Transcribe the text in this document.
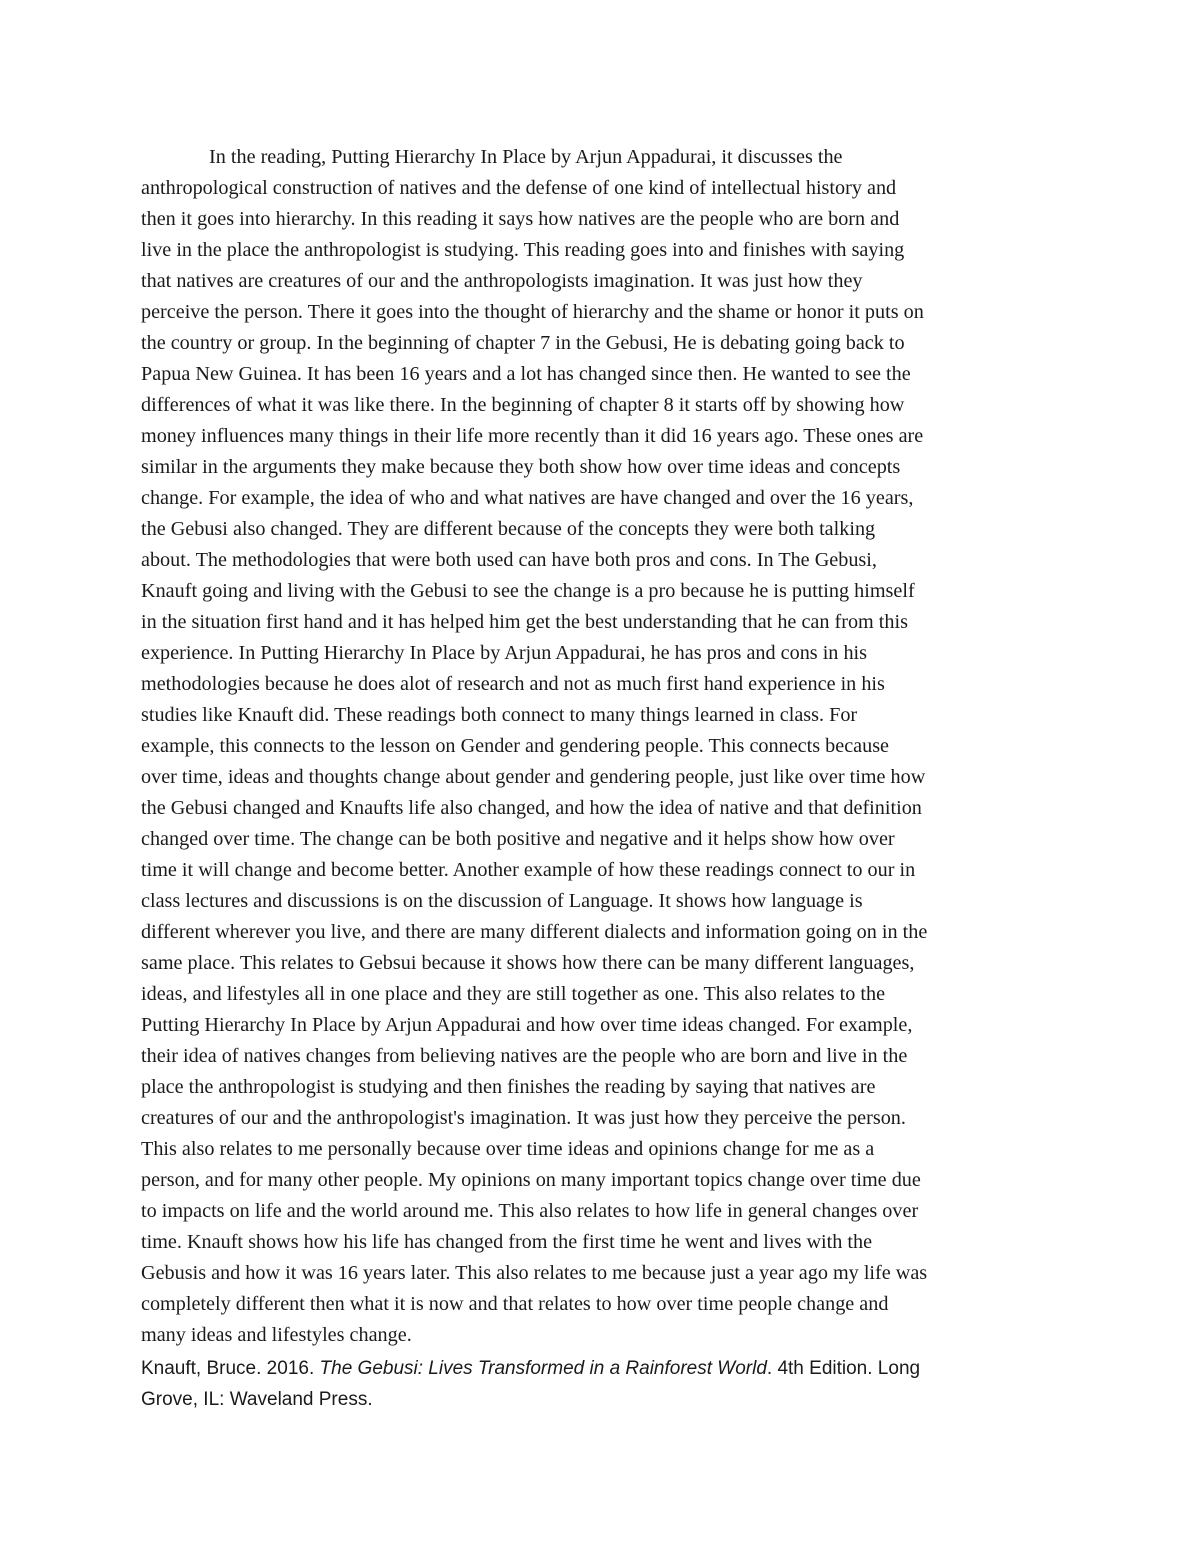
In the reading, Putting Hierarchy In Place by Arjun Appadurai, it discusses the
anthropological construction of natives and the defense of one kind of intellectual history and
then it goes into hierarchy. In this reading it says how natives are the people who are born and
live in the place the anthropologist is studying. This reading goes into and finishes with saying
that natives are creatures of our and the anthropologists imagination. It was just how they
perceive the person. There it goes into the thought of hierarchy and the shame or honor it puts on
the country or group. In the beginning of chapter 7 in the Gebusi, He is debating going back to
Papua New Guinea. It has been 16 years and a lot has changed since then. He wanted to see the
differences of what it was like there. In the beginning of chapter 8 it starts off by showing how
money influences many things in their life more recently than it did 16 years ago. These ones are
similar in the arguments they make because they both show how over time ideas and concepts
change. For example, the idea of who and what natives are have changed and over the 16 years,
the Gebusi also changed. They are different because of the concepts they were both talking
about. The methodologies that were both used can have both pros and cons. In The Gebusi,
Knauft going and living with the Gebusi to see the change is a pro because he is putting himself
in the situation first hand and it has helped him get the best understanding that he can from this
experience. In Putting Hierarchy In Place by Arjun Appadurai, he has pros and cons in his
methodologies because he does alot of research and not as much first hand experience in his
studies like Knauft did. These readings both connect to many things learned in class. For
example, this connects to the lesson on Gender and gendering people. This connects because
over time, ideas and thoughts change about gender and gendering people, just like over time how
the Gebusi changed and Knaufts life also changed, and how the idea of native and that definition
changed over time. The change can be both positive and negative and it helps show how over
time it will change and become better. Another example of how these readings connect to our in
class lectures and discussions is on the discussion of Language. It shows how language is
different wherever you live, and there are many different dialects and information going on in the
same place. This relates to Gebsui because it shows how there can be many different languages,
ideas, and lifestyles all in one place and they are still together as one. This also relates to the
Putting Hierarchy In Place by Arjun Appadurai and how over time ideas changed. For example,
their idea of natives changes from believing natives are the people who are born and live in the
place the anthropologist is studying and then finishes the reading by saying that natives are
creatures of our and the anthropologist's imagination. It was just how they perceive the person.
This also relates to me personally because over time ideas and opinions change for me as a
person, and for many other people. My opinions on many important topics change over time due
to impacts on life and the world around me. This also relates to how life in general changes over
time. Knauft shows how his life has changed from the first time he went and lives with the
Gebusis and how it was 16 years later. This also relates to me because just a year ago my life was
completely different then what it is now and that relates to how over time people change and
many ideas and lifestyles change.
Knauft, Bruce. 2016. The Gebusi: Lives Transformed in a Rainforest World. 4th Edition. Long
Grove, IL: Waveland Press.
